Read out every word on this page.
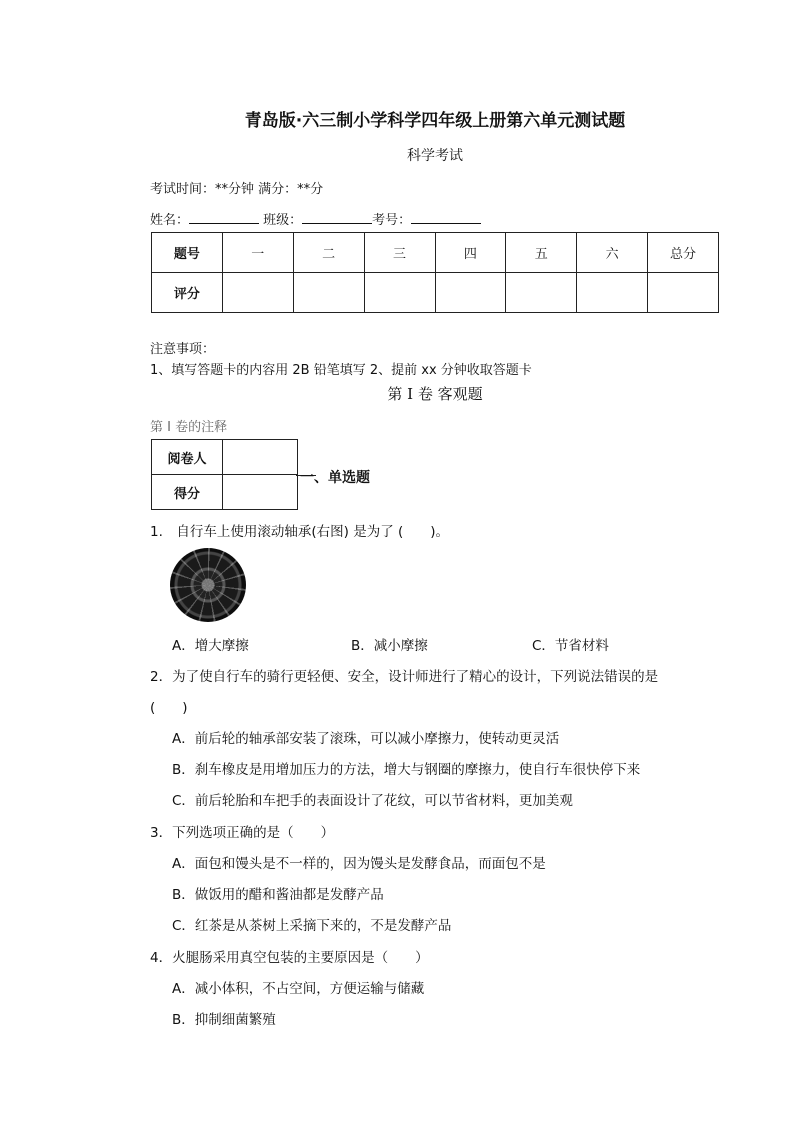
青岛版·六三制小学科学四年级上册第六单元测试题
科学考试
考试时间：**分钟 满分：**分
姓名：	班级：	考号：
题号	一	二	三	四	五	六	总分
评分							
注意事项：
1、填写答题卡的内容用 2B 铅笔填写 2、提前 xx 分钟收取答题卡
第 I 卷 客观题
第 I 卷的注释
阅卷人	
得分	
一、单选题
1.　自行车上使用滚动轴承(右图) 是为了 (　　)。
A．增大摩擦	B．减小摩擦	C．节省材料
2．为了使自行车的骑行更轻便、安全，设计师进行了精心的设计，下列说法错误的是
(　　)
A．前后轮的轴承部安装了滚珠，可以减小摩擦力，使转动更灵活
B．刹车橡皮是用增加压力的方法，增大与钢圈的摩擦力，使自行车很快停下来
C．前后轮胎和车把手的表面设计了花纹，可以节省材料，更加美观
3．下列选项正确的是（　　）
A．面包和馒头是不一样的，因为馒头是发酵食品，而面包不是
B．做饭用的醋和酱油都是发酵产品
C．红茶是从茶树上采摘下来的，不是发酵产品
4．火腿肠采用真空包装的主要原因是（　　）
A．减小体积，不占空间，方便运输与储藏
B．抑制细菌繁殖
